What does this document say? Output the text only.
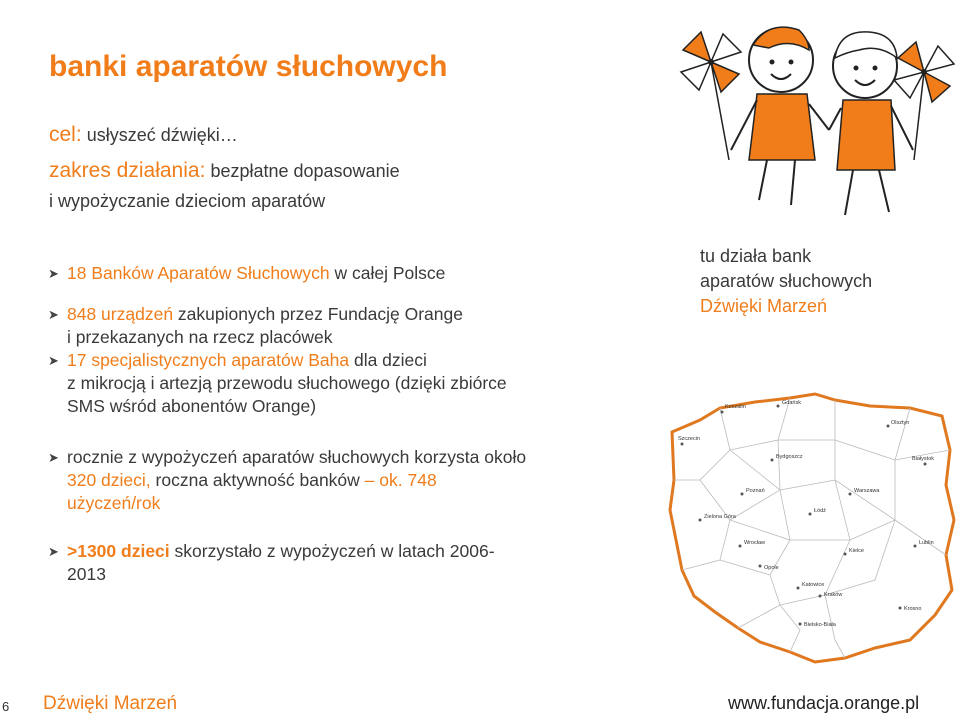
banki aparatów słuchowych
cel: usłyszeć dźwięki…
zakres działania: bezpłatne dopasowanie
i wypożyczanie dzieciom aparatów
➤ 18 Banków Aparatów Słuchowych w całej Polsce
➤ 848 urządzeń zakupionych przez Fundację Orange
i przekazanych na rzecz placówek
➤ 17 specjalistycznych aparatów Baha dla dzieci
z mikrocją i artezją przewodu słuchowego (dzięki zbiórce
SMS wśród abonentów Orange)
➤ rocznie z wypożyczeń aparatów słuchowych korzysta około
320 dzieci, roczna aktywność banków – ok. 748
użyczeń/rok
➤ >1300 dzieci skorzystało z wypożyczeń w latach 2006-
2013
tu działa bank
aparatów słuchowych
Dźwięki Marzeń
Koszalin
Gdańsk
Olsztyn
Szczecin
Bydgoszcz	Białystok
Poznań	Warszawa
Zielona Góra
Łódź
Lublin
Wrocław
Kielce
Opole
Katowice
Kraków
Krosno
Bielsko-Biała
6 Dźwięki Marzeń	www.fundacja.orange.pl
